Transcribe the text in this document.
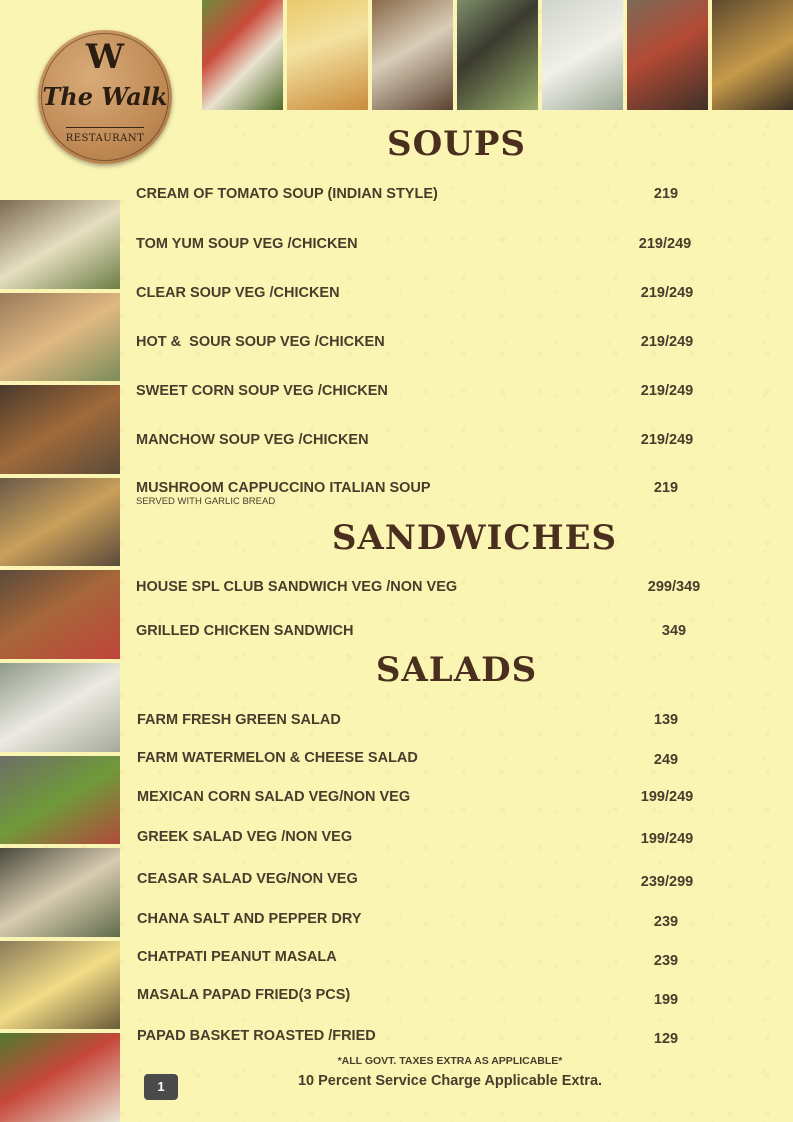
W
The Walk
RESTAURANT	SOUPS
CREAM OF TOMATO SOUP (INDIAN STYLE)	219
TOM YUM SOUP VEG /CHICKEN	219/249
CLEAR SOUP VEG /CHICKEN	219/249
HOT &  SOUR SOUP VEG /CHICKEN	219/249
SWEET CORN SOUP VEG /CHICKEN	219/249
MANCHOW SOUP VEG /CHICKEN	219/249
MUSHROOM CAPPUCCINO ITALIAN SOUP	219
SERVED WITH GARLIC BREAD
SANDWICHES
HOUSE SPL CLUB SANDWICH VEG /NON VEG	299/349
GRILLED CHICKEN SANDWICH	349
SALADS
FARM FRESH GREEN SALAD	139
FARM WATERMELON & CHEESE SALAD	249
MEXICAN CORN SALAD VEG/NON VEG	199/249
GREEK SALAD VEG /NON VEG	199/249
CEASAR SALAD VEG/NON VEG	239/299
CHANA SALT AND PEPPER DRY	239
CHATPATI PEANUT MASALA	239
MASALA PAPAD FRIED(3 PCS)	199
PAPAD BASKET ROASTED /FRIED	129
*ALL GOVT. TAXES EXTRA AS APPLICABLE*
10 Percent Service Charge Applicable Extra.
1
